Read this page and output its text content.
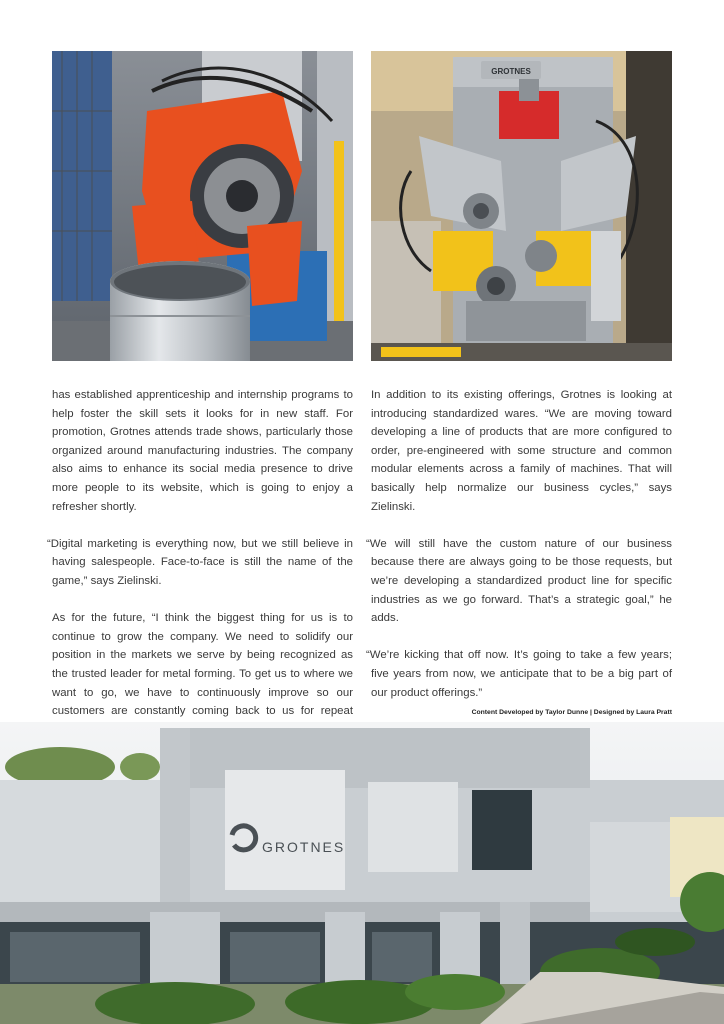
GROTNES

has established apprenticeship and internship programs to help foster the skill sets it looks for in new staff. For promotion, Grotnes attends trade shows, particularly those organized around manufacturing industries. The company also aims to enhance its social media presence to drive more people to its website, which is going to enjoy a refresher shortly.

“Digital marketing is everything now, but we still believe in having salespeople. Face-to-face is still the name of the game,” says Zielinski.

As for the future, “I think the biggest thing for us is to continue to grow the company. We need to solidify our position in the markets we serve by being recognized as the trusted leader for metal forming. To get us to where we want to go, we have to continuously improve so our customers are constantly coming back to us for repeat

In addition to its existing offerings, Grotnes is looking at introducing standardized wares. “We are moving toward developing a line of products that are more configured to order, pre-engineered with some structure and common modular elements across a family of machines. That will basically help normalize our business cycles,” says Zielinski.

“We will still have the custom nature of our business because there are always going to be those requests, but we’re developing a standardized product line for specific industries as we go forward. That’s a strategic goal,” he adds.

“We’re kicking that off now. It’s going to take a few years; five years from now, we anticipate that to be a big part of our product offerings.”

Content Developed by Taylor Dunne | Designed by Laura Pratt
GROTNES
